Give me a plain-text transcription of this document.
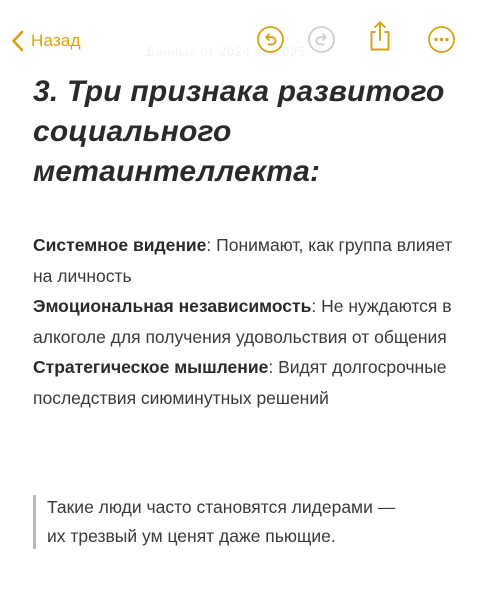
Назад
Данные от 2024 по 2025
3. Три признака развитого социального метаинтеллекта:

Системное видение: Понимают, как группа влияет на личность

Эмоциональная независимость: Не нуждаются в алкоголе для получения удовольствия от общения

Стратегическое мышление: Видят долгосрочные последствия сиюминутных решений

Такие люди часто становятся лидерами —

их трезвый ум ценят даже пьющие.
